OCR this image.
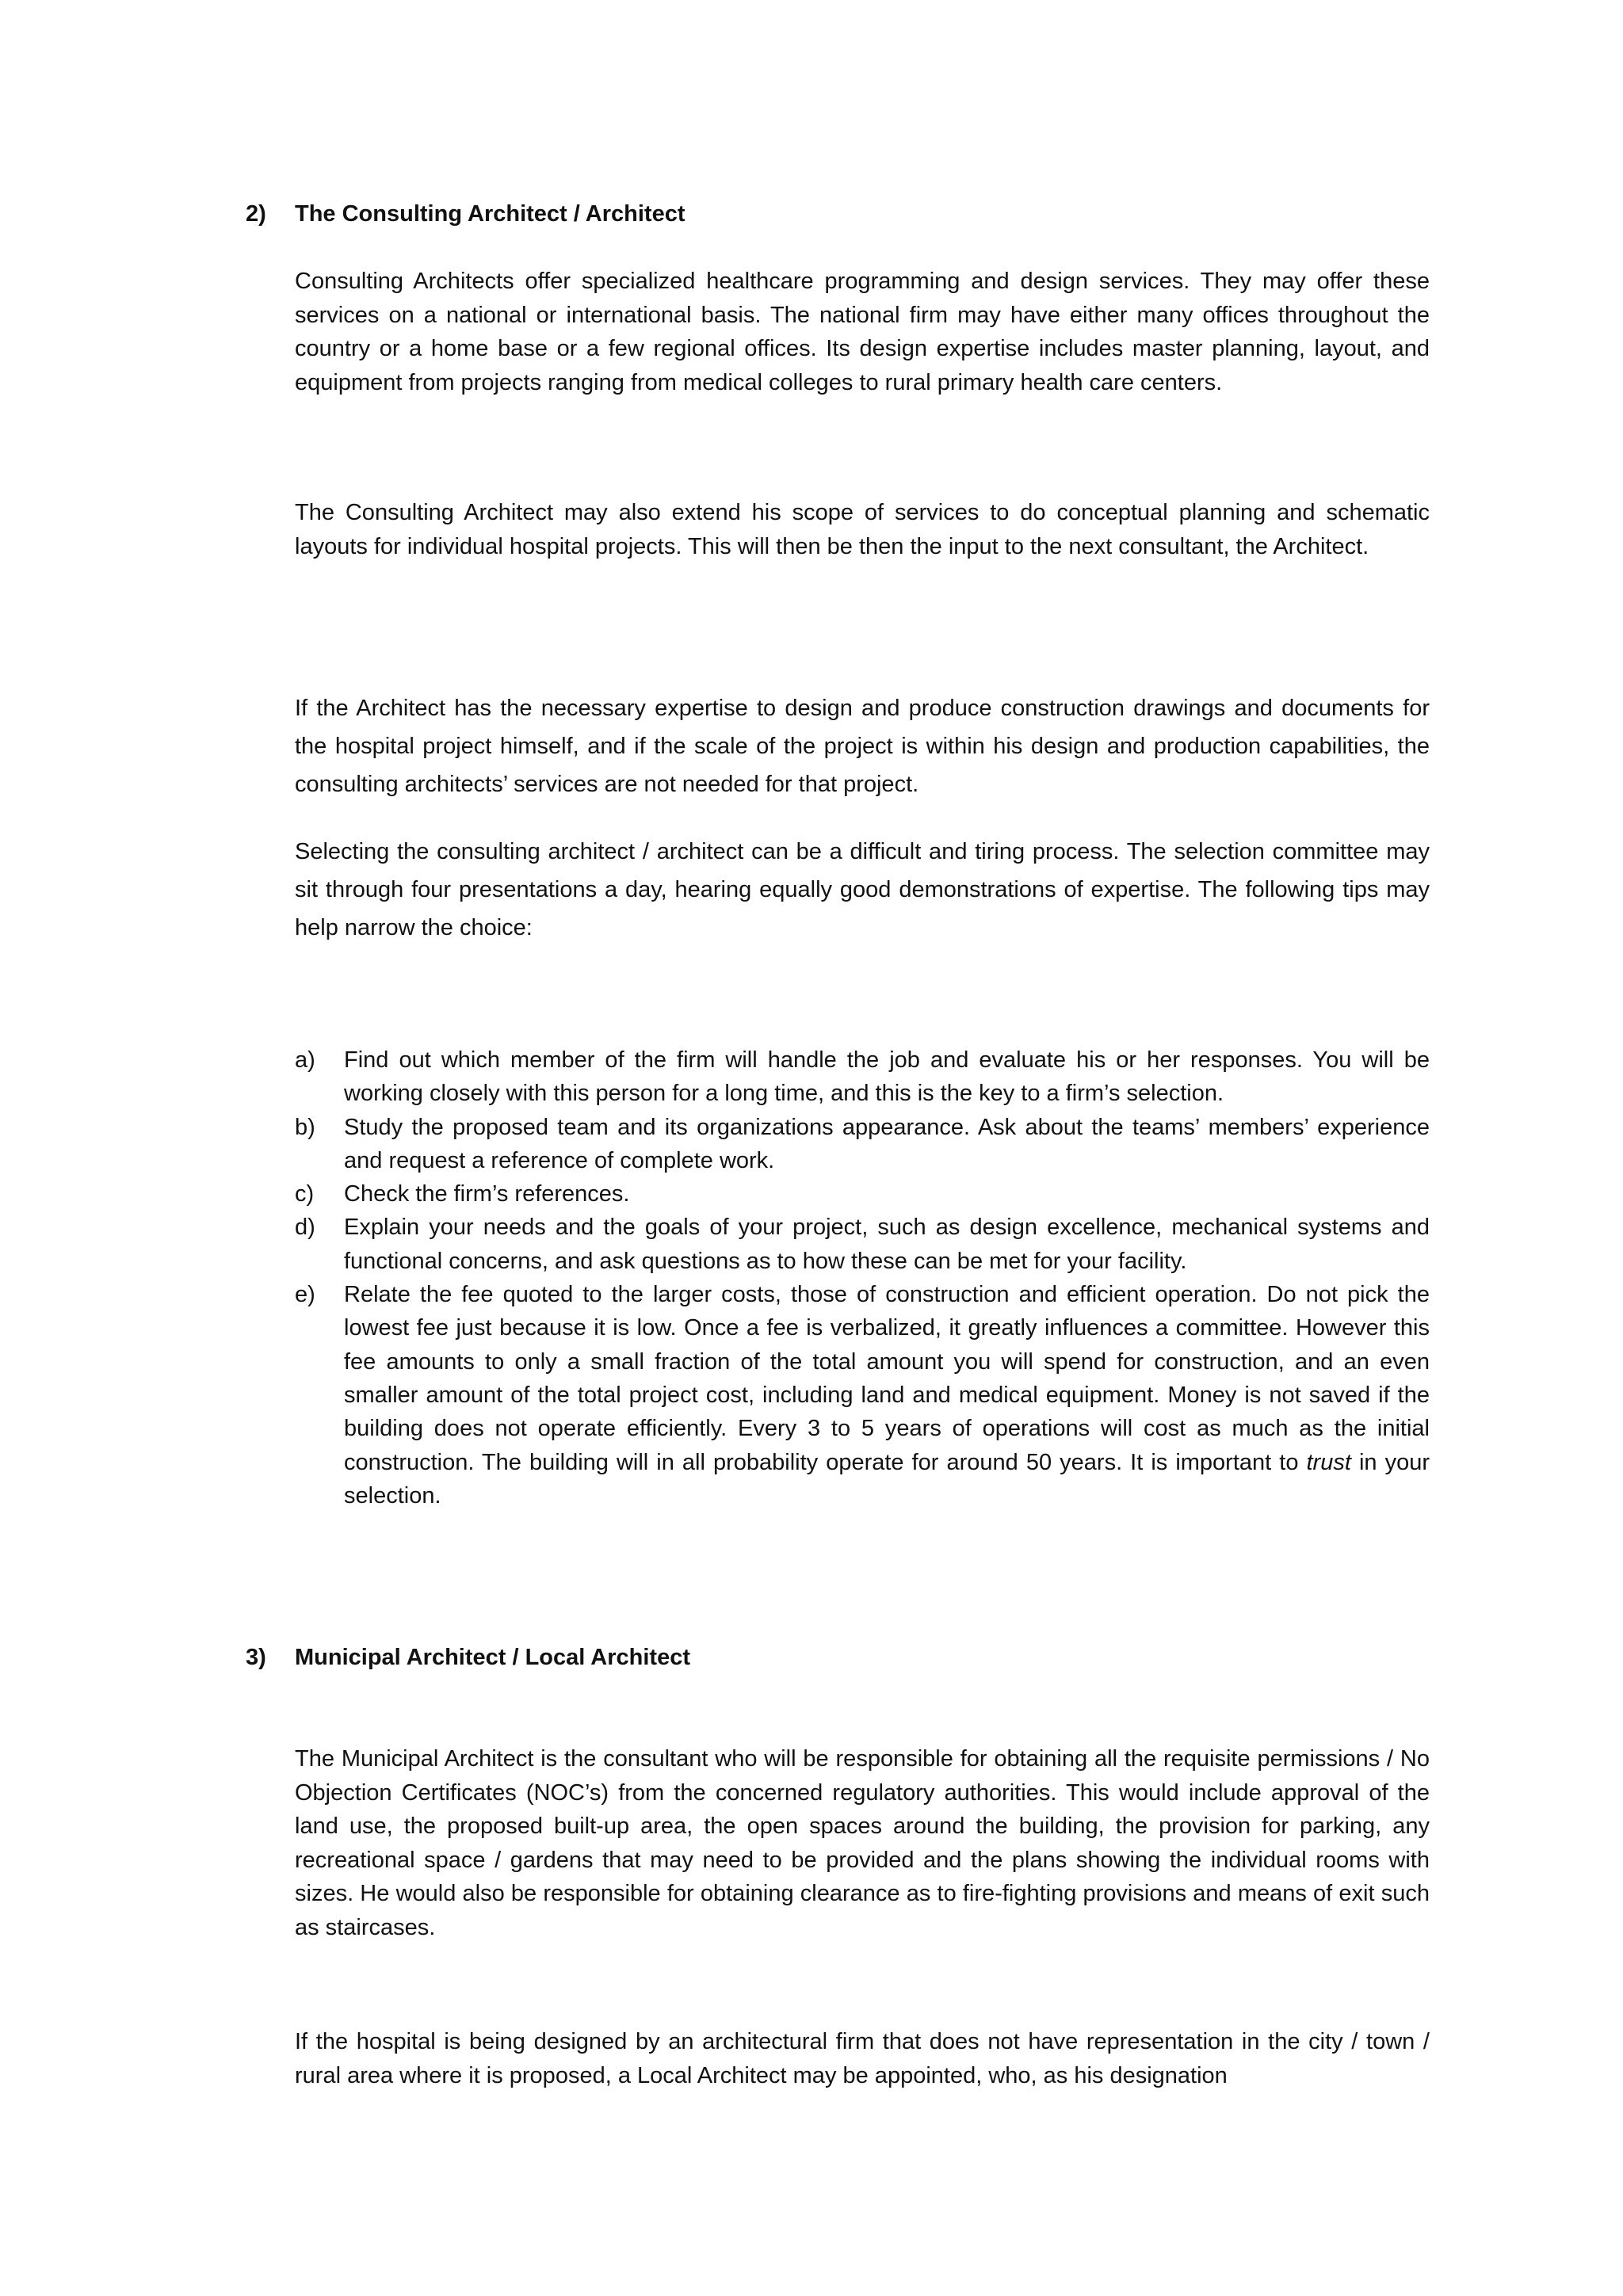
2) The Consulting Architect / Architect

Consulting Architects offer specialized healthcare programming and design services. They may offer these services on a national or international basis. The national firm may have either many offices throughout the country or a home base or a few regional offices. Its design expertise includes master planning, layout, and equipment from projects ranging from medical colleges to rural primary health care centers.

The Consulting Architect may also extend his scope of services to do conceptual planning and schematic layouts for individual hospital projects. This will then be then the input to the next consultant, the Architect.

If the Architect has the necessary expertise to design and produce construction drawings and documents for the hospital project himself, and if the scale of the project is within his design and production capabilities, the consulting architects’ services are not needed for that project.

Selecting the consulting architect / architect can be a difficult and tiring process. The selection committee may sit through four presentations a day, hearing equally good demonstrations of expertise. The following tips may help narrow the choice:

a) Find out which member of the firm will handle the job and evaluate his or her responses. You will be working closely with this person for a long time, and this is the key to a firm’s selection.
b) Study the proposed team and its organizations appearance. Ask about the teams’ members’ experience and request a reference of complete work.
c) Check the firm’s references.
d) Explain your needs and the goals of your project, such as design excellence, mechanical systems and functional concerns, and ask questions as to how these can be met for your facility.
e) Relate the fee quoted to the larger costs, those of construction and efficient operation. Do not pick the lowest fee just because it is low. Once a fee is verbalized, it greatly influences a committee. However this fee amounts to only a small fraction of the total amount you will spend for construction, and an even smaller amount of the total project cost, including land and medical equipment. Money is not saved if the building does not operate efficiently. Every 3 to 5 years of operations will cost as much as the initial construction. The building will in all probability operate for around 50 years. It is important to trust in your selection.
3) Municipal Architect / Local Architect

The Municipal Architect is the consultant who will be responsible for obtaining all the requisite permissions / No Objection Certificates (NOC’s) from the concerned regulatory authorities. This would include approval of the land use, the proposed built-up area, the open spaces around the building, the provision for parking, any recreational space / gardens that may need to be provided and the plans showing the individual rooms with sizes. He would also be responsible for obtaining clearance as to fire-fighting provisions and means of exit such as staircases.

If the hospital is being designed by an architectural firm that does not have representation in the city / town / rural area where it is proposed, a Local Architect may be appointed, who, as his designation
